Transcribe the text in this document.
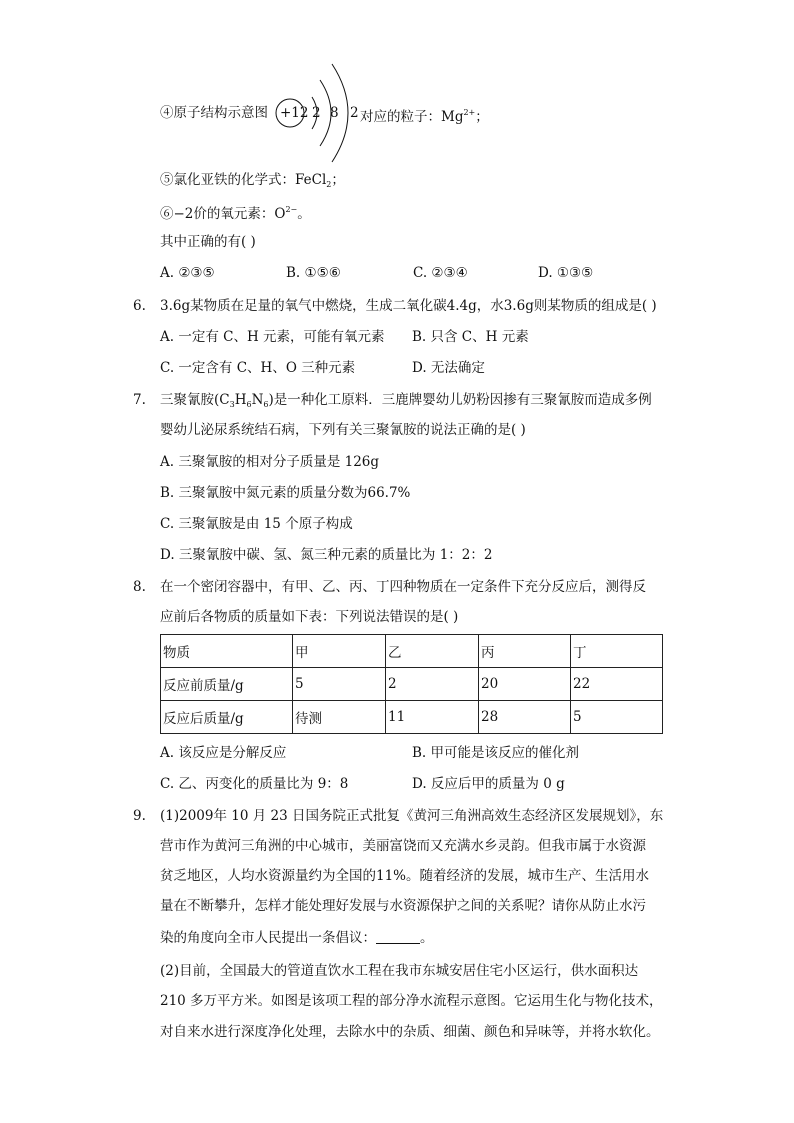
④原子结构示意图 +12 2 8 2 对应的粒子：$Mg^{2+}$；
⑤氯化亚铁的化学式：FeCl$_2$；
⑥−2价的氧元素：$O^{2-}$。
其中正确的有( )
A. ②③⑤	B. ①⑤⑥	C. ②③④	D. ①③⑤
6.	3.6g某物质在足量的氧气中燃烧，生成二氧化碳4.4g，水3.6g则某物质的组成是( )
A. 一定有 C、H 元素，可能有氧元素 B. 只含 C、H 元素
C. 一定含有 C、H、O 三种元素	D. 无法确定
7.	三聚氰胺$(C_3H_6N_6)$是一种化工原料．三鹿牌婴幼儿奶粉因掺有三聚氰胺而造成多例
婴幼儿泌尿系统结石病，下列有关三聚氰胺的说法正确的是( )
A. 三聚氰胺的相对分子质量是 126g
B. 三聚氰胺中氮元素的质量分数为66.7%
C. 三聚氰胺是由 15 个原子构成
D. 三聚氰胺中碳、氢、氮三种元素的质量比为 1：2：2
8.	在一个密闭容器中，有甲、乙、丙、丁四种物质在一定条件下充分反应后，测得反
应前后各物质的质量如下表：下列说法错误的是( )
物质	甲	乙	丙	丁
反应前质量/g	5	2	20	22
反应后质量/g	待测	11	28	5
A. 该反应是分解反应	B. 甲可能是该反应的催化剂
C. 乙、丙变化的质量比为 9：8	D. 反应后甲的质量为 0 g
9.	(1)2009年 10 月 23 日国务院正式批复《黄河三角洲高效生态经济区发展规划》，东
营市作为黄河三角洲的中心城市，美丽富饶而又充满水乡灵韵。但我市属于水资源
贫乏地区，人均水资源量约为全国的11%。随着经济的发展，城市生产、生活用水
量在不断攀升，怎样才能处理好发展与水资源保护之间的关系呢？请你从防止水污
染的角度向全市人民提出一条倡议：	。
(2)目前，全国最大的管道直饮水工程在我市东城安居住宅小区运行，供水面积达
210 多万平方米。如图是该项工程的部分净水流程示意图。它运用生化与物化技术，
对自来水进行深度净化处理，去除水中的杂质、细菌、颜色和异味等，并将水软化。
